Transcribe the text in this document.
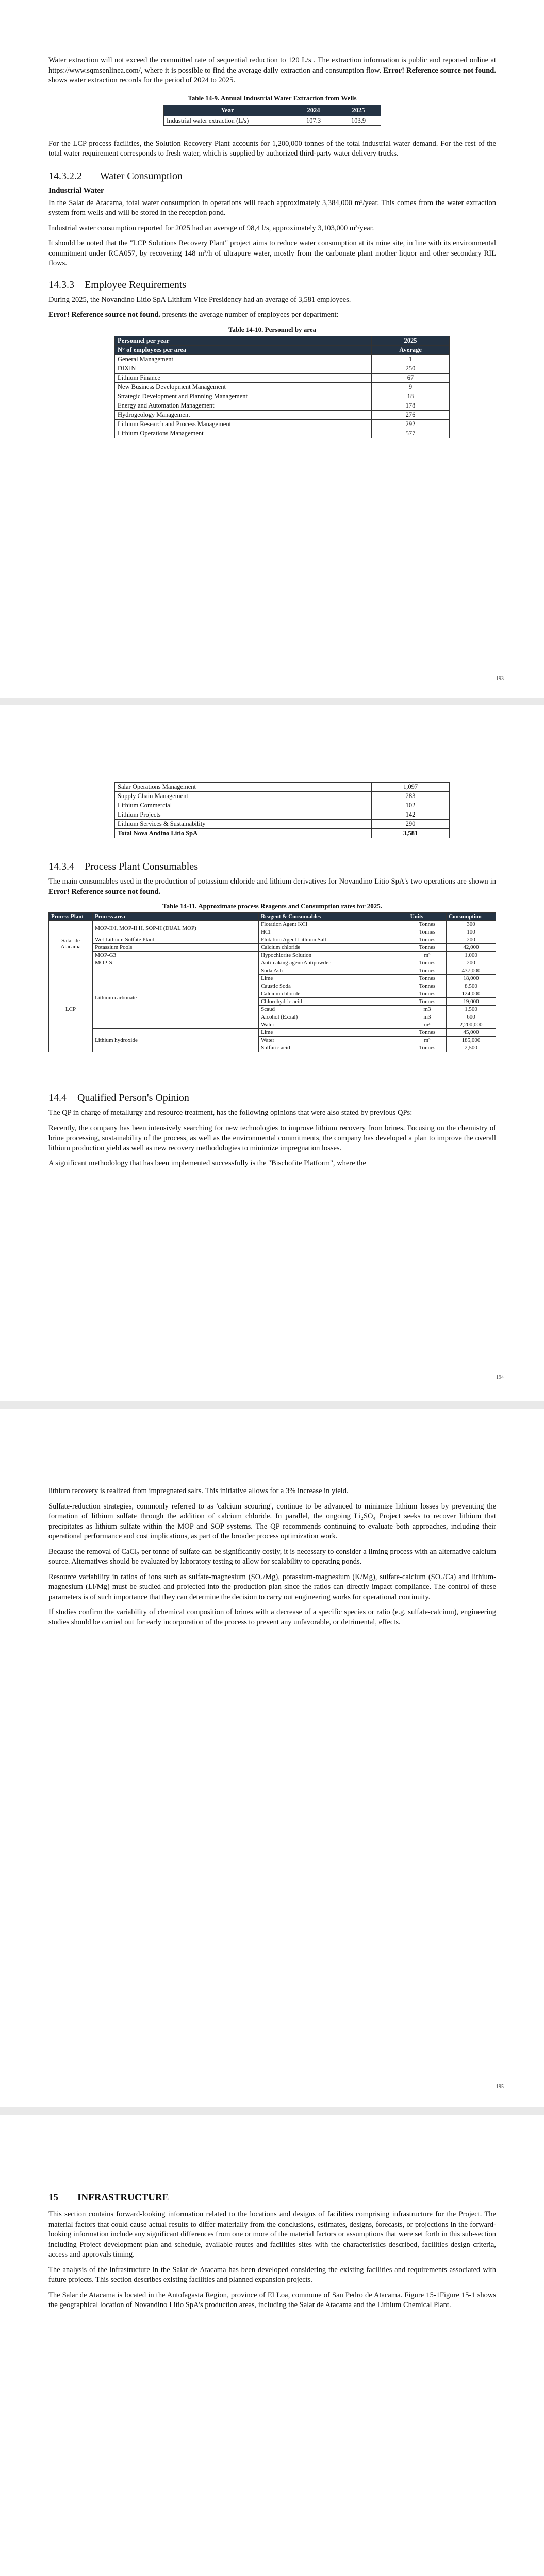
Water extraction will not exceed the committed rate of sequential reduction to 120 L/s . The extraction information is public and reported online at https://www.sqmsenlinea.com/, where it is possible to find the average daily extraction and consumption flow. Error! Reference source not found. shows water extraction records for the period of 2024 to 2025.

Table 14-9. Annual Industrial Water Extraction from Wells
Year	2024	2025
Industrial water extraction (L/s)	107.3	103.9

For the LCP process facilities, the Solution Recovery Plant accounts for 1,200,000 tonnes of the total industrial water demand. For the rest of the total water requirement corresponds to fresh water, which is supplied by authorized third-party water delivery trucks.

14.3.2.2 Water Consumption
Industrial Water

In the Salar de Atacama, total water consumption in operations will reach approximately 3,384,000 m³/year. This comes from the water extraction system from wells and will be stored in the reception pond.

Industrial water consumption reported for 2025 had an average of 98,4 l/s, approximately 3,103,000 m³/year.

It should be noted that the "LCP Solutions Recovery Plant" project aims to reduce water consumption at its mine site, in line with its environmental commitment under RCA057, by recovering 148 m³/h of ultrapure water, mostly from the carbonate plant mother liquor and other secondary RIL flows.

14.3.3 Employee Requirements

During 2025, the Novandino Litio SpA Lithium Vice Presidency had an average of 3,581 employees.

Error! Reference source not found. presents the average number of employees per department:

Table 14-10. Personnel by area
Personnel per year	2025
N° of employees per area	Average
General Management	1
DIXIN	250
Lithium Finance	67
New Business Development Management	9
Strategic Development and Planning Management	18
Energy and Automation Management	178
Hydrogeology Management	276
Lithium Research and Process Management	292
Lithium Operations Management	577
193
Salar Operations Management	1,097
Supply Chain Management	283
Lithium Commercial	102
Lithium Projects	142
Lithium Services & Sustainability	290
Total Nova Andino Litio SpA	3,581
14.3.4 Process Plant Consumables

The main consumables used in the production of potassium chloride and lithium derivatives for Novandino Litio SpA's two operations are shown in Error! Reference source not found.

Table 14-11. Approximate process Reagents and Consumption rates for 2025.
Process Plant	Process area	Reagent & Consumables	Units	Consumption
Salar de Atacama	MOP-II/I, MOP-II H, SOP-H (DUAL MOP)	Flotation Agent KCl	Tonnes	300
		HCl	Tonnes	100
	Wet Lithium Sulfate Plant	Flotation Agent Lithium Salt	Tonnes	200
	Potassium Pools	Calcium chloride	Tonnes	42,000
	MOP-G3	Hypochlorite Solution	m³	1,000
	MOP-S	Anti-caking agent/Antipowder	Tonnes	200
LCP	Lithium carbonate	Soda Ash	Tonnes	437,000
		Lime	Tonnes	18,000
		Caustic Soda	Tonnes	8,500
		Calcium chloride	Tonnes	124,000
		Chlorohydric acid	Tonnes	19,000
		Scaud	m3	1,500
		Alcohol (Exxal)	m3	600
		Water	m³	2,200,000
	Lithium hydroxide	Lime	Tonnes	45,000
		Water	m³	185,000
		Sulfuric acid	Tonnes	2,500
14.4 Qualified Person's Opinion

The QP in charge of metallurgy and resource treatment, has the following opinions that were also stated by previous QPs:

Recently, the company has been intensively searching for new technologies to improve lithium recovery from brines. Focusing on the chemistry of brine processing, sustainability of the process, as well as the environmental commitments, the company has developed a plan to improve the overall lithium production yield as well as new recovery methodologies to minimize impregnation losses.

A significant methodology that has been implemented successfully is the "Bischofite Platform", where the

194

lithium recovery is realized from impregnated salts. This initiative allows for a 3% increase in yield.

Sulfate-reduction strategies, commonly referred to as 'calcium scouring', continue to be advanced to minimize lithium losses by preventing the formation of lithium sulfate through the addition of calcium chloride. In parallel, the ongoing Li₂SO₄ Project seeks to recover lithium that precipitates as lithium sulfate within the MOP and SOP systems. The QP recommends continuing to evaluate both approaches, including their operational performance and cost implications, as part of the broader process optimization work.

Because the removal of CaCl₂ per tonne of sulfate can be significantly costly, it is necessary to consider a liming process with an alternative calcium source. Alternatives should be evaluated by laboratory testing to allow for scalability to operating ponds.

Resource variability in ratios of ions such as sulfate-magnesium (SO₄/Mg), potassium-magnesium (K/Mg), sulfate-calcium (SO₄/Ca) and lithium-magnesium (Li/Mg) must be studied and projected into the production plan since the ratios can directly impact compliance. The control of these parameters is of such importance that they can determine the decision to carry out engineering works for operational continuity.

If studies confirm the variability of chemical composition of brines with a decrease of a specific species or ratio (e.g. sulfate-calcium), engineering studies should be carried out for early incorporation of the process to prevent any unfavorable, or detrimental, effects.

195
15 INFRASTRUCTURE

This section contains forward-looking information related to the locations and designs of facilities comprising infrastructure for the Project. The material factors that could cause actual results to differ materially from the conclusions, estimates, designs, forecasts, or projections in the forward-looking information include any significant differences from one or more of the material factors or assumptions that were set forth in this sub-section including Project development plan and schedule, available routes and facilities sites with the characteristics described, facilities design criteria, access and approvals timing.

The analysis of the infrastructure in the Salar de Atacama has been developed considering the existing facilities and requirements associated with future projects. This section describes existing facilities and planned expansion projects.

The Salar de Atacama is located in the Antofagasta Region, province of El Loa, commune of San Pedro de Atacama. Figure 15-1Figure 15-1 shows the geographical location of Novandino Litio SpA's production areas, including the Salar de Atacama and the Lithium Chemical Plant.
